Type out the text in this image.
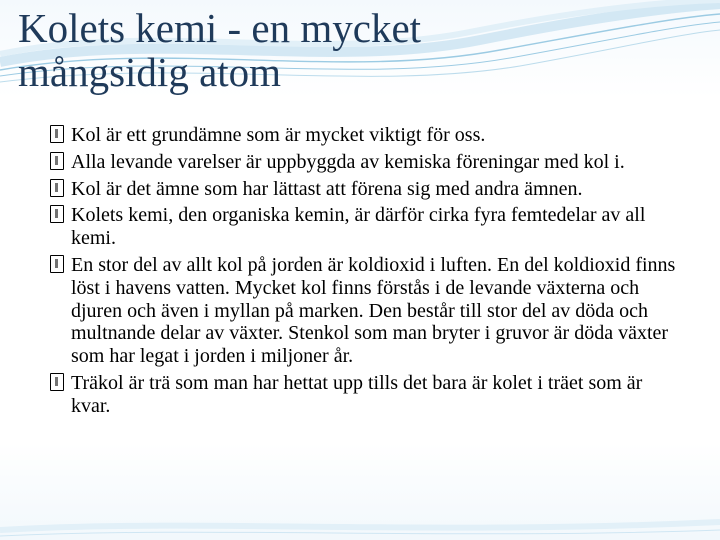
Kolets kemi - en mycket
mångsidig atom
Kol är ett grundämne som är mycket viktigt för oss.
Alla levande varelser är uppbyggda av kemiska föreningar med kol i.
Kol är det ämne som har lättast att förena sig med andra ämnen.
Kolets kemi, den organiska kemin, är därför cirka fyra femtedelar av all kemi.
En stor del av allt kol på jorden är koldioxid i luften. En del koldioxid finns löst i havens vatten. Mycket kol finns förstås i de levande växterna och djuren och även i myllan på marken. Den består till stor del av döda och multnande delar av växter. Stenkol som man bryter i gruvor är döda växter som har legat i jorden i miljoner år.
Träkol är trä som man har hettat upp tills det bara är kolet i träet som är kvar.
